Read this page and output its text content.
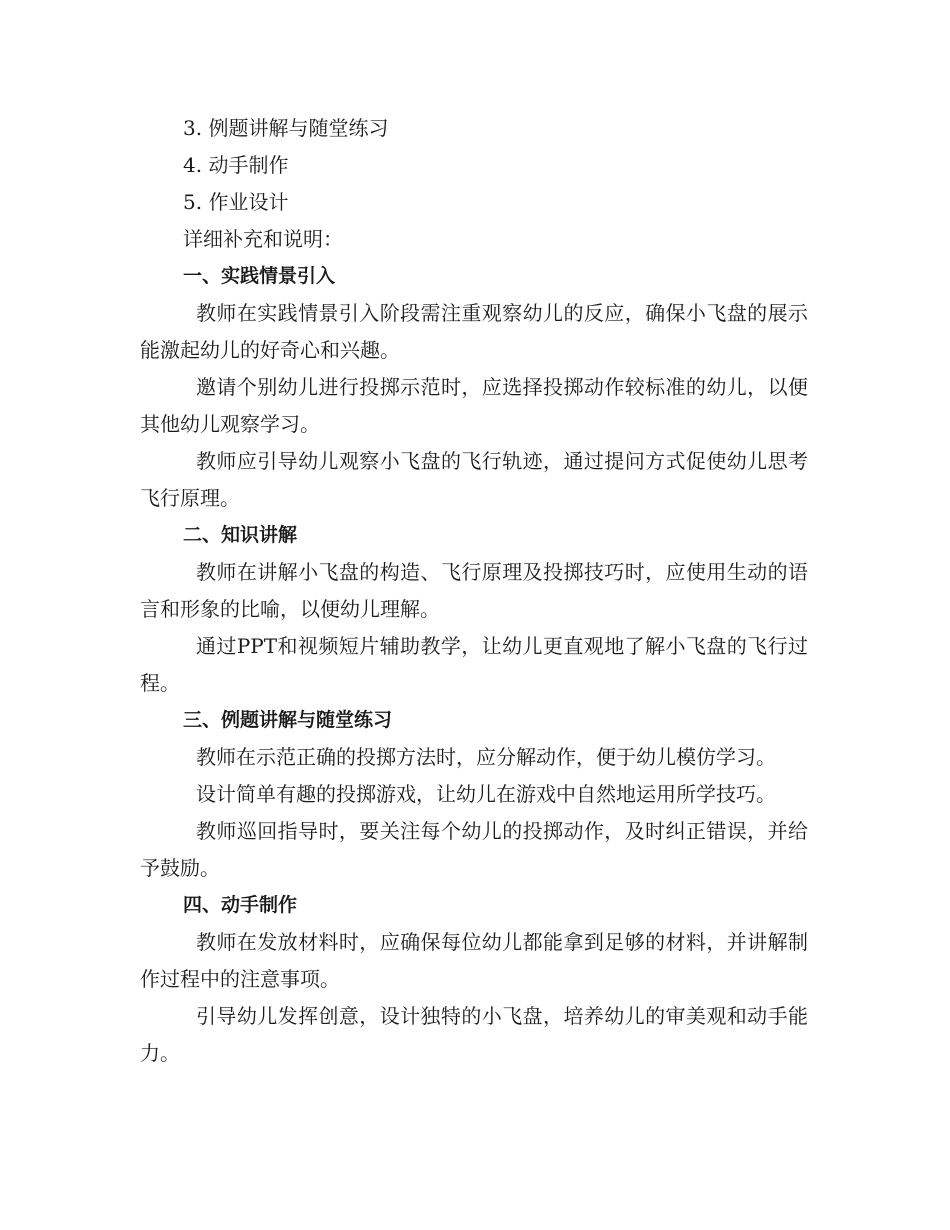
3. 例题讲解与随堂练习
4. 动手制作
5. 作业设计
详细补充和说明：
一、实践情景引入
教师在实践情景引入阶段需注重观察幼儿的反应，确保小飞盘的展示能激起幼儿的好奇心和兴趣。
邀请个别幼儿进行投掷示范时，应选择投掷动作较标准的幼儿，以便其他幼儿观察学习。
教师应引导幼儿观察小飞盘的飞行轨迹，通过提问方式促使幼儿思考飞行原理。
二、知识讲解
教师在讲解小飞盘的构造、飞行原理及投掷技巧时，应使用生动的语言和形象的比喻，以便幼儿理解。
通过PPT和视频短片辅助教学，让幼儿更直观地了解小飞盘的飞行过程。
三、例题讲解与随堂练习
教师在示范正确的投掷方法时，应分解动作，便于幼儿模仿学习。
设计简单有趣的投掷游戏，让幼儿在游戏中自然地运用所学技巧。
教师巡回指导时，要关注每个幼儿的投掷动作，及时纠正错误，并给予鼓励。
四、动手制作
教师在发放材料时，应确保每位幼儿都能拿到足够的材料，并讲解制作过程中的注意事项。
引导幼儿发挥创意，设计独特的小飞盘，培养幼儿的审美观和动手能力。
